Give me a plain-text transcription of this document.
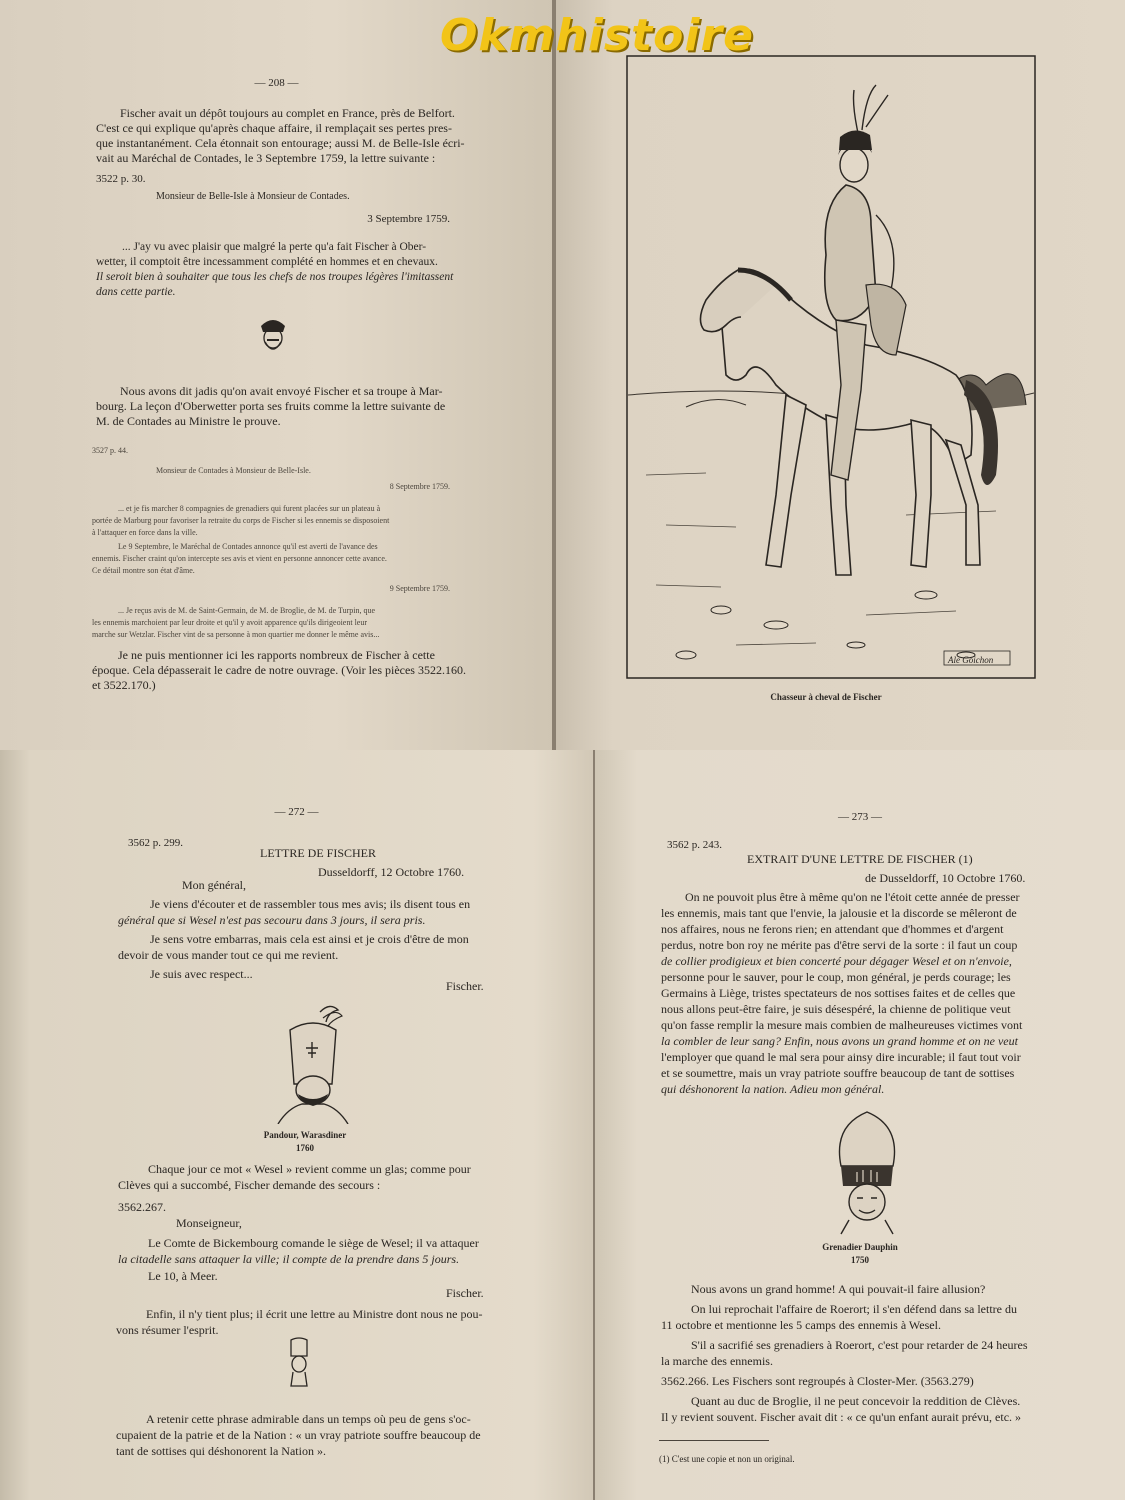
— 208 —
Fischer avait un dépôt toujours au complet en France, près de Belfort.
C'est ce qui explique qu'après chaque affaire, il remplaçait ses pertes pres-
que instantanément. Cela étonnait son entourage; aussi M. de Belle-Isle écri-
vait au Maréchal de Contades, le 3 Septembre 1759, la lettre suivante :
3522 p. 30.
Monsieur de Belle-Isle à Monsieur de Contades.
3 Septembre 1759.
... J'ay vu avec plaisir que malgré la perte qu'a fait Fischer à Ober-
wetter, il comptoit être incessamment complété en hommes et en chevaux.
Il seroit bien à souhaiter que tous les chefs de nos troupes légères l'imitassent
dans cette partie.
Nous avons dit jadis qu'on avait envoyé Fischer et sa troupe à Mar-
bourg. La leçon d'Oberwetter porta ses fruits comme la lettre suivante de
M. de Contades au Ministre le prouve.
3527 p. 44.
Monsieur de Contades à Monsieur de Belle-Isle.
8 Septembre 1759.
... et je fis marcher 8 compagnies de grenadiers qui furent placées sur un plateau à
portée de Marburg pour favoriser la retraite du corps de Fischer si les ennemis se disposoient
à l'attaquer en force dans la ville.
Le 9 Septembre, le Maréchal de Contades annonce qu'il est averti de l'avance des
ennemis. Fischer craint qu'on intercepte ses avis et vient en personne annoncer cette avance.
Ce détail montre son état d'âme.
9 Septembre 1759.
... Je reçus avis de M. de Saint-Germain, de M. de Broglie, de M. de Turpin, que
les ennemis marchoient par leur droite et qu'il y avoit apparence qu'ils dirigeoient leur
marche sur Wetzlar. Fischer vint de sa personne à mon quartier me donner le même avis...
Je ne puis mentionner ici les rapports nombreux de Fischer à cette
époque. Cela dépasserait le cadre de notre ouvrage. (Voir les pièces 3522.160.
et 3522.170.)
Ale Goichon
Chasseur à cheval de Fischer
Okmhistoire
— 272 —
3562 p. 299.
LETTRE DE FISCHER
Dusseldorff, 12 Octobre 1760.
Mon général,
Je viens d'écouter et de rassembler tous mes avis; ils disent tous en
général que si Wesel n'est pas secouru dans 3 jours, il sera pris.
Je sens votre embarras, mais cela est ainsi et je crois d'être de mon
devoir de vous mander tout ce qui me revient.
Je suis avec respect...
Fischer.
Pandour, Warasdiner
1760
Chaque jour ce mot « Wesel » revient comme un glas; comme pour
Clèves qui a succombé, Fischer demande des secours :
3562.267.
Monseigneur,
Le Comte de Bickembourg comande le siège de Wesel; il va attaquer
la citadelle sans attaquer la ville; il compte de la prendre dans 5 jours.
Le 10, à Meer.
Fischer.
Enfin, il n'y tient plus; il écrit une lettre au Ministre dont nous ne pou-
vons résumer l'esprit.
A retenir cette phrase admirable dans un temps où peu de gens s'oc-
cupaient de la patrie et de la Nation : « un vray patriote souffre beaucoup de
tant de sottises qui déshonorent la Nation ».
— 273 —
3562 p. 243.
EXTRAIT D'UNE LETTRE DE FISCHER (1)
de Dusseldorff, 10 Octobre 1760.
On ne pouvoit plus être à même qu'on ne l'étoit cette année de presser
les ennemis, mais tant que l'envie, la jalousie et la discorde se mêleront de
nos affaires, nous ne ferons rien; en attendant que d'hommes et d'argent
perdus, notre bon roy ne mérite pas d'être servi de la sorte : il faut un coup
de collier prodigieux et bien concerté pour dégager Wesel et on n'envoie,
personne pour le sauver, pour le coup, mon général, je perds courage; les
Germains à Liège, tristes spectateurs de nos sottises faites et de celles que
nous allons peut-être faire, je suis désespéré, la chienne de politique veut
qu'on fasse remplir la mesure mais combien de malheureuses victimes vont
la combler de leur sang? Enfin, nous avons un grand homme et on ne veut
l'employer que quand le mal sera pour ainsy dire incurable; il faut tout voir
et se soumettre, mais un vray patriote souffre beaucoup de tant de sottises
qui déshonorent la nation. Adieu mon général.
Grenadier Dauphin
1750
Nous avons un grand homme! A qui pouvait-il faire allusion?
On lui reprochait l'affaire de Roerort; il s'en défend dans sa lettre du
11 octobre et mentionne les 5 camps des ennemis à Wesel.
S'il a sacrifié ses grenadiers à Roerort, c'est pour retarder de 24 heures
la marche des ennemis.
3562.266. Les Fischers sont regroupés à Closter-Mer. (3563.279)
Quant au duc de Broglie, il ne peut concevoir la reddition de Clèves.
Il y revient souvent. Fischer avait dit : « ce qu'un enfant aurait prévu, etc. »
(1) C'est une copie et non un original.
